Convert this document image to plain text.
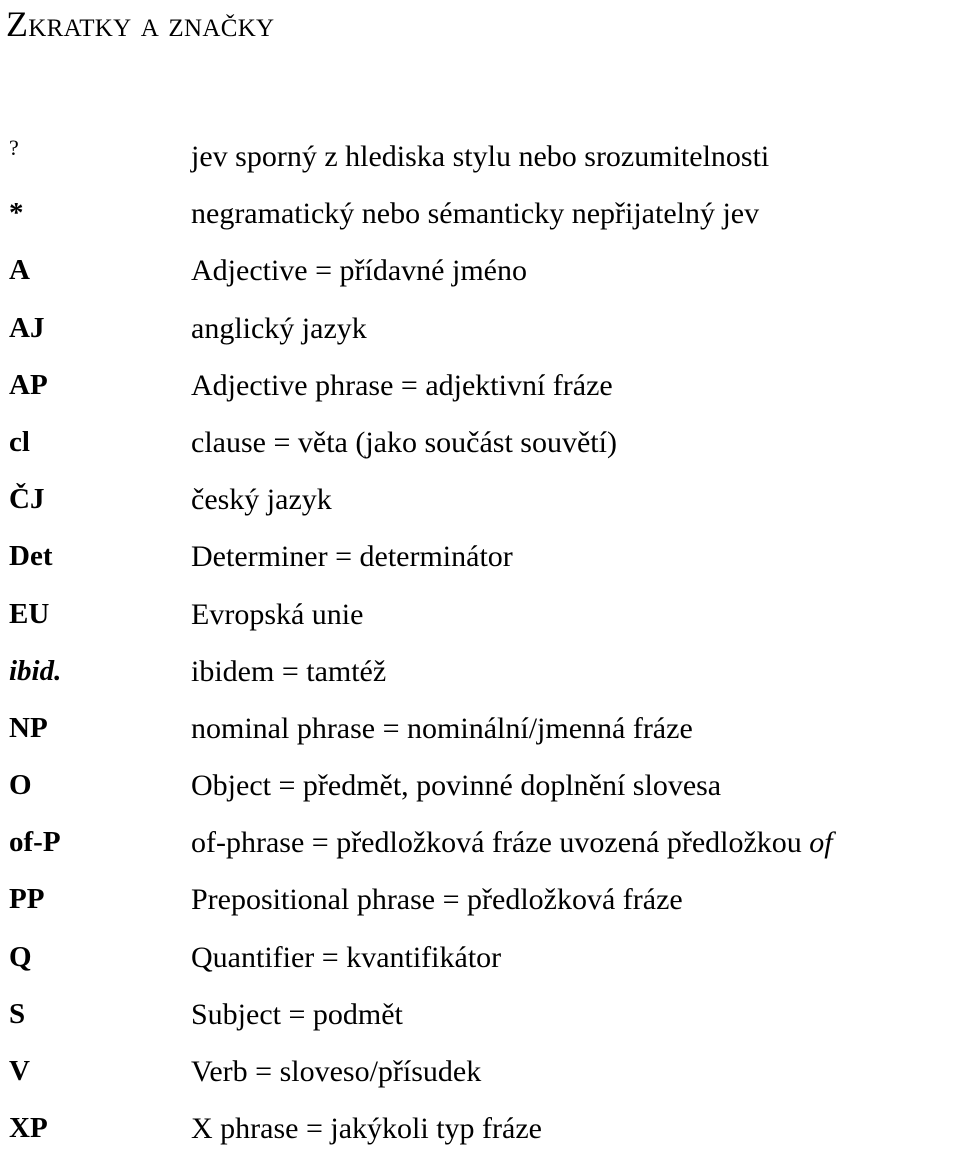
Zkratky a značky
?	jev sporný z hlediska stylu nebo srozumitelnosti
*	negramatický nebo sémanticky nepřijatelný jev
A	Adjective = přídavné jméno
AJ	anglický jazyk
AP	Adjective phrase = adjektivní fráze
cl	clause = věta (jako součást souvětí)
ČJ	český jazyk
Det	Determiner = determinátor
EU	Evropská unie
ibid.	ibidem = tamtéž
NP	nominal phrase = nominální/jmenná fráze
O	Object = předmět, povinné doplnění slovesa
of-P	of-phrase = předložková fráze uvozená předložkou of
PP	Prepositional phrase = předložková fráze
Q	Quantifier = kvantifikátor
S	Subject = podmět
V	Verb = sloveso/přísudek
XP	X phrase = jakýkoli typ fráze
